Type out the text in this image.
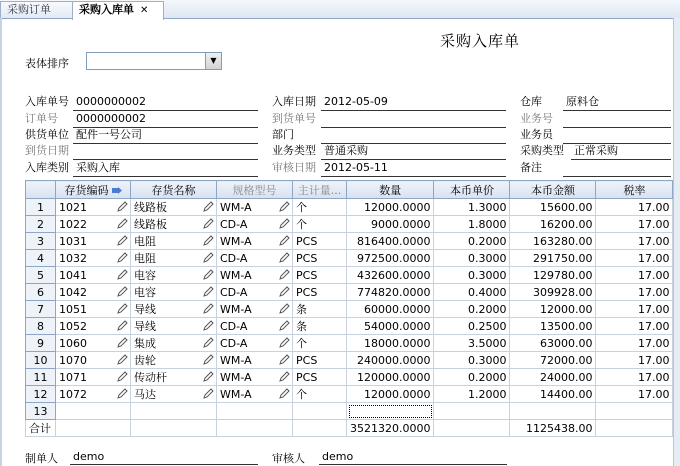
采购订单	采购入库单 ✕
采购入库单
表体排序	▼
入库单号 0000000002	入库日期 2012-05-09	仓库 原料仓
订单号 0000000002	到货单号	业务号
供货单位 配件一号公司	部门	业务员
到货日期	业务类型 普通采购	采购类型 正常采购
入库类别 采购入库	审核日期 2012-05-11	备注
	存货编码	存货名称	规格型号	主计量...	数量	本币单价	本币金额	税率
1	1021	线路板	WM-A	个	12000.0000	1.3000	15600.00	17.00
2	1022	线路板	CD-A	个	9000.0000	1.8000	16200.00	17.00
3	1031	电阻	WM-A	PCS	816400.0000	0.2000	163280.00	17.00
4	1032	电阻	CD-A	PCS	972500.0000	0.3000	291750.00	17.00
5	1041	电容	WM-A	PCS	432600.0000	0.3000	129780.00	17.00
6	1042	电容	CD-A	PCS	774820.0000	0.4000	309928.00	17.00
7	1051	导线	WM-A	条	60000.0000	0.2000	12000.00	17.00
8	1052	导线	CD-A	条	54000.0000	0.2500	13500.00	17.00
9	1060	集成	CD-A	个	18000.0000	3.5000	63000.00	17.00
10	1070	齿轮	WM-A	PCS	240000.0000	0.3000	72000.00	17.00
11	1071	传动杆	WM-A	PCS	120000.0000	0.2000	24000.00	17.00
12	1072	马达	WM-A	个	12000.0000	1.2000	14400.00	17.00
13								
合计					3521320.0000		1125438.00	
制单人 demo	审核人 demo
